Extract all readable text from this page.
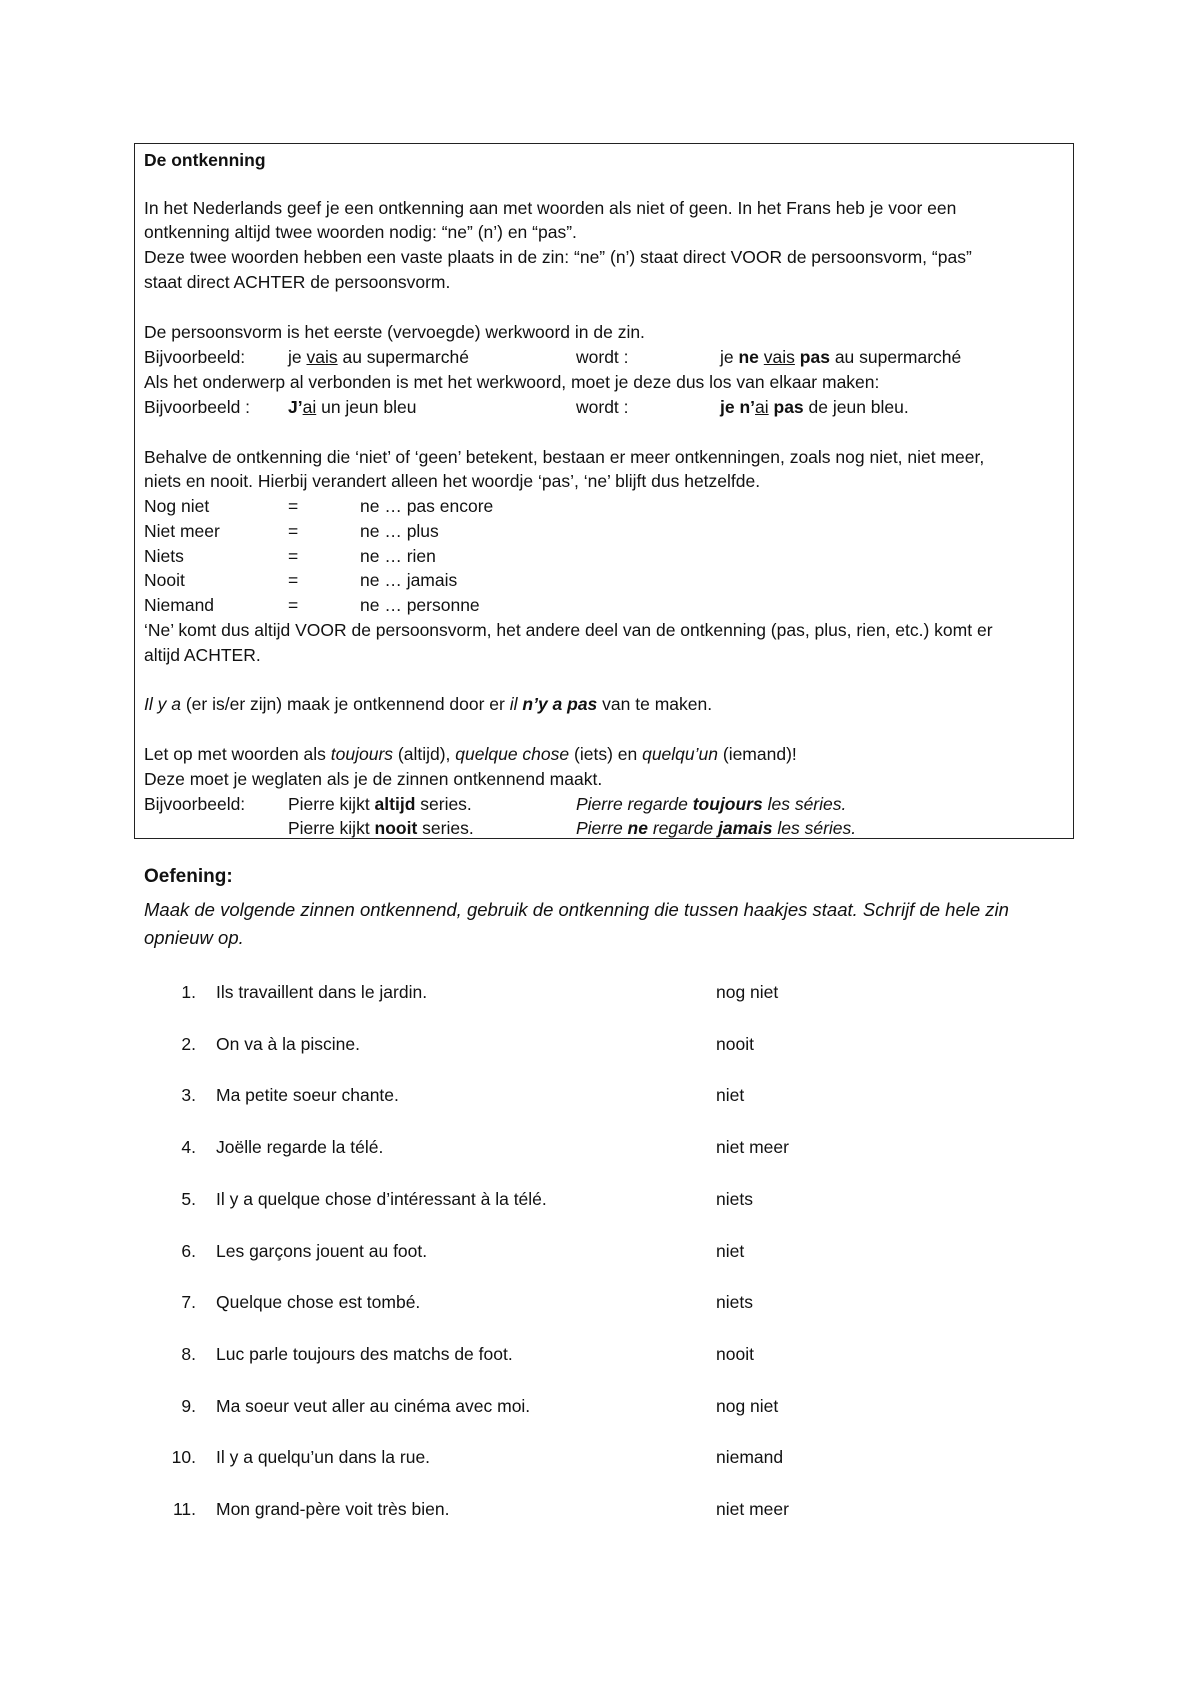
De ontkenning
In het Nederlands geef je een ontkenning aan met woorden als niet of geen. In het Frans heb je voor een
ontkenning altijd twee woorden nodig: “ne” (n’) en “pas”.
Deze twee woorden hebben een vaste plaats in de zin: “ne” (n’) staat direct VOOR de persoonsvorm, “pas”
staat direct ACHTER de persoonsvorm.
De persoonsvorm is het eerste (vervoegde) werkwoord in de zin.
Bijvoorbeeld: je vais au supermarché	wordt :	je ne vais pas au supermarché
Als het onderwerp al verbonden is met het werkwoord, moet je deze dus los van elkaar maken:
Bijvoorbeeld : J’ai un jeun bleu	wordt :	je n’ai pas de jeun bleu.
Behalve de ontkenning die ‘niet’ of ‘geen’ betekent, bestaan er meer ontkenningen, zoals nog niet, niet meer,
niets en nooit. Hierbij verandert alleen het woordje ‘pas’, ‘ne’ blijft dus hetzelfde.
Nog niet	=	ne … pas encore
Niet meer	=	ne … plus
Niets	=	ne … rien
Nooit	=	ne … jamais
Niemand	=	ne … personne
‘Ne’ komt dus altijd VOOR de persoonsvorm, het andere deel van de ontkenning (pas, plus, rien, etc.) komt er
altijd ACHTER.
Il y a (er is/er zijn) maak je ontkennend door er il n’y a pas van te maken.
Let op met woorden als toujours (altijd), quelque chose (iets) en quelqu’un (iemand)!
Deze moet je weglaten als je de zinnen ontkennend maakt.
Bijvoorbeeld: Pierre kijkt altijd series.	Pierre regarde toujours les séries.
Pierre kijkt nooit series.	Pierre ne regarde jamais les séries.
Oefening:
Maak de volgende zinnen ontkennend, gebruik de ontkenning die tussen haakjes staat. Schrijf de hele zin opnieuw op.
1. Ils travaillent dans le jardin.	nog niet
2. On va à la piscine.	nooit
3. Ma petite soeur chante.	niet
4. Joëlle regarde la télé.	niet meer
5. Il y a quelque chose d’intéressant à la télé.	niets
6. Les garçons jouent au foot.	niet
7. Quelque chose est tombé.	niets
8. Luc parle toujours des matchs de foot.	nooit
9. Ma soeur veut aller au cinéma avec moi.	nog niet
10. Il y a quelqu’un dans la rue.	niemand
11. Mon grand-père voit très bien.	niet meer
